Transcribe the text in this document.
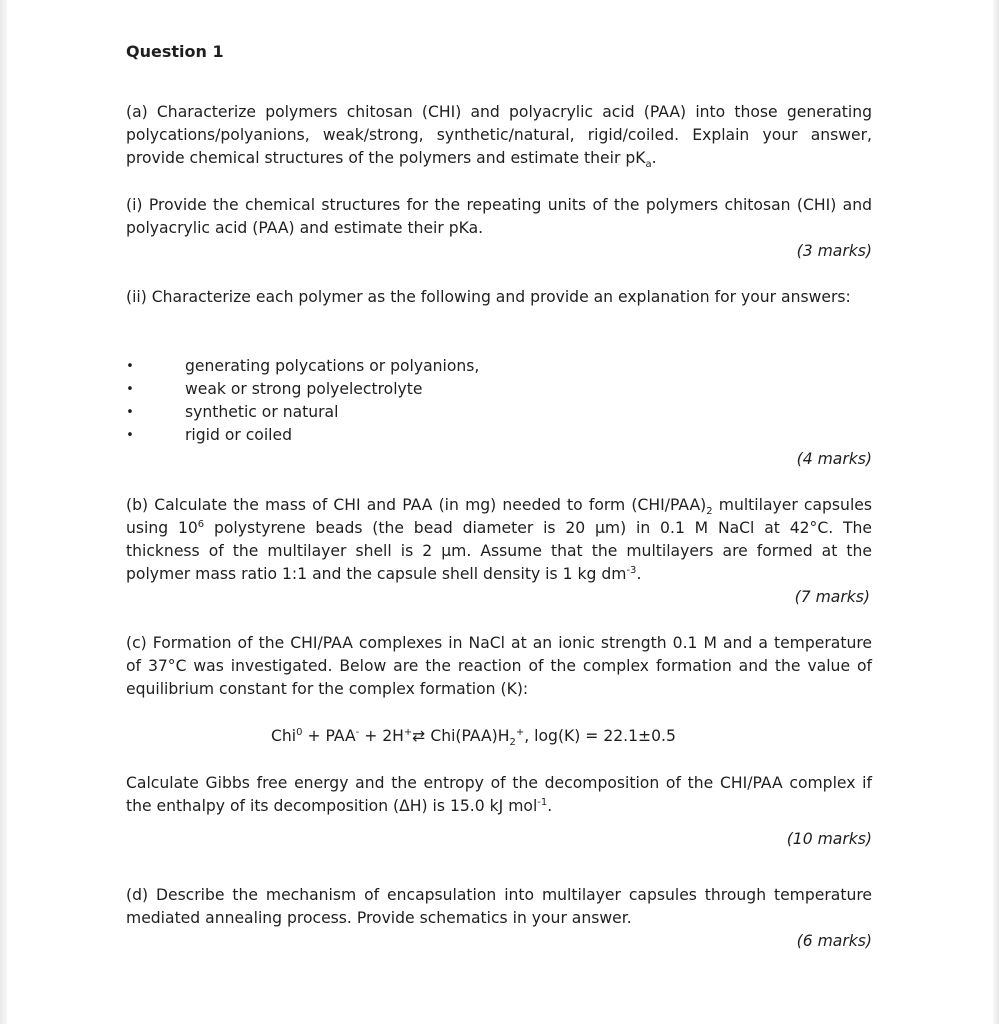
Question 1
(a) Characterize polymers chitosan (CHI) and polyacrylic acid (PAA) into those generating polycations/polyanions, weak/strong, synthetic/natural, rigid/coiled. Explain your answer, provide chemical structures of the polymers and estimate their $pK_a$.
(i) Provide the chemical structures for the repeating units of the polymers chitosan (CHI) and polyacrylic acid (PAA) and estimate their pKa.
(3 marks)
(ii) Characterize each polymer as the following and provide an explanation for your answers:
•	generating polycations or polyanions,
•	weak or strong polyelectrolyte
•	synthetic or natural
•	rigid or coiled
(4 marks)
(b) Calculate the mass of CHI and PAA (in mg) needed to form $(CHI/PAA)_2$ multilayer capsules using $10^6$ polystyrene beads (the bead diameter is 20 μm) in 0.1 M NaCl at 42°C. The thickness of the multilayer shell is 2 μm. Assume that the multilayers are formed at the polymer mass ratio 1:1 and the capsule shell density is 1 kg $dm^{-3}$.
(7 marks)
(c) Formation of the CHI/PAA complexes in NaCl at an ionic strength 0.1 M and a temperature of 37°C was investigated. Below are the reaction of the complex formation and the value of equilibrium constant for the complex formation (K):
Chi$^0$ + PAA- + 2H+⇄ $Chi(PAA)H_2^+$, log(K) = 22.1±0.5
Calculate Gibbs free energy and the entropy of the decomposition of the CHI/PAA complex if the enthalpy of its decomposition (ΔH) is 15.0 kJ mol$^{-1}$.
(10 marks)
(d) Describe the mechanism of encapsulation into multilayer capsules through temperature mediated annealing process. Provide schematics in your answer.
(6 marks)
